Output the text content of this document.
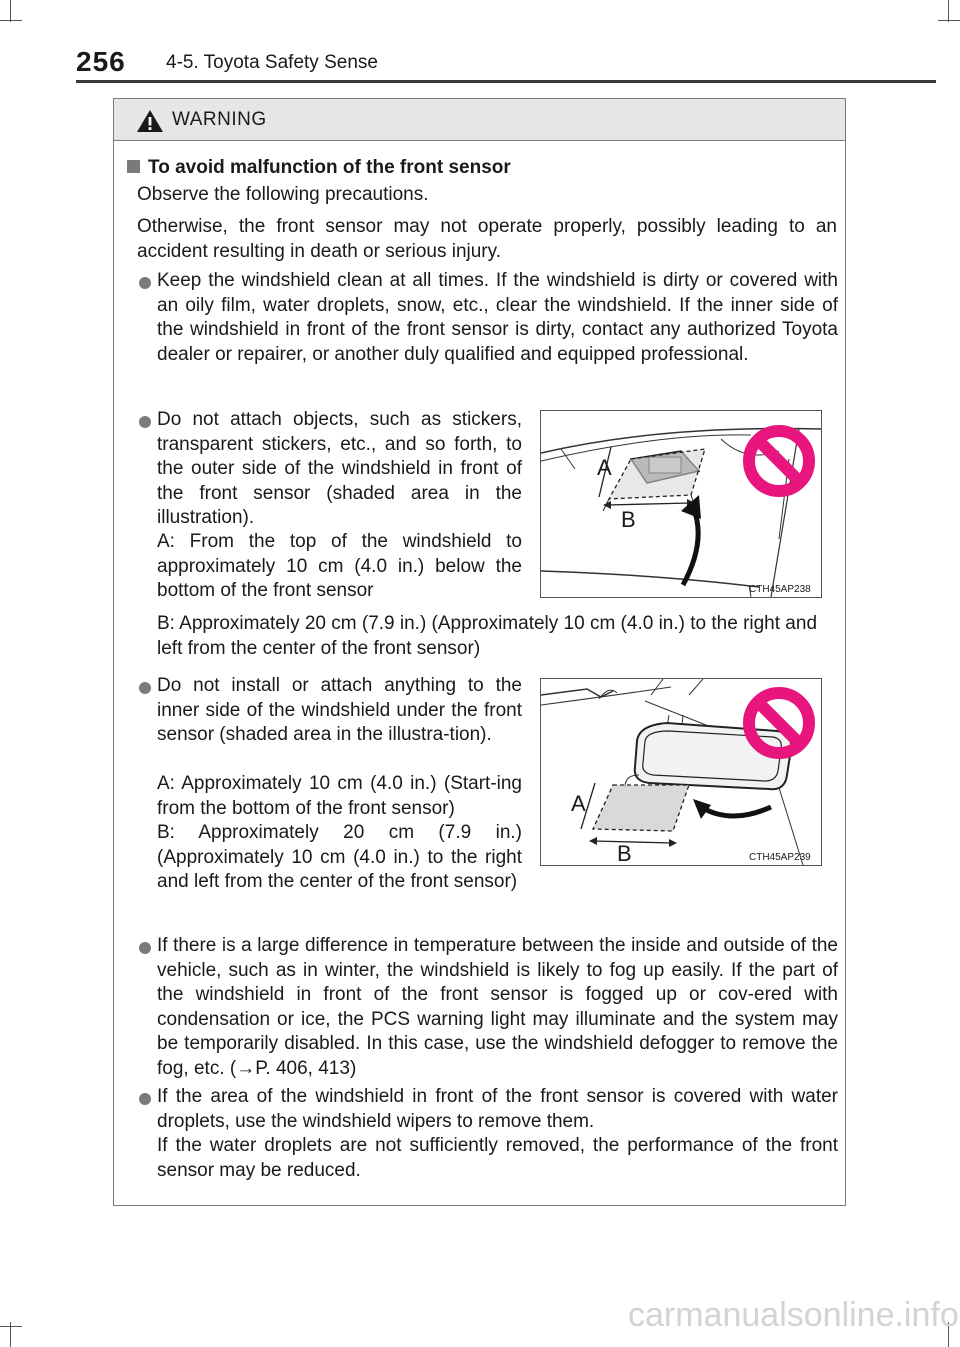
256 4-5. Toyota Safety Sense
WARNING
To avoid malfunction of the front sensor

Observe the following precautions.

Otherwise, the front sensor may not operate properly, possibly leading to an accident resulting in death or serious injury.

Keep the windshield clean at all times. If the windshield is dirty or covered with an oily film, water droplets, snow, etc., clear the windshield. If the inner side of the windshield in front of the front sensor is dirty, contact any authorized Toyota dealer or repairer, or another duly qualified and equipped professional.

Do not attach objects, such as stickers, transparent stickers, etc., and so forth, to the outer side of the windshield in front of the front sensor (shaded area in the illustration).

A: From the top of the windshield to approximately 10 cm (4.0 in.) below the bottom of the front sensor

B: Approximately 20 cm (7.9 in.) (Approximately 10 cm (4.0 in.) to the right and left from the center of the front sensor)

A
B
CTH45AP238

Do not install or attach anything to the inner side of the windshield under the front sensor (shaded area in the illustra-tion).

A: Approximately 10 cm (4.0 in.) (Start-ing from the bottom of the front sensor)

B: Approximately 20 cm (7.9 in.) (Approximately 10 cm (4.0 in.) to the right and left from the center of the front sensor)

A
B	CTH45AP239

If there is a large difference in temperature between the inside and outside of the vehicle, such as in winter, the windshield is likely to fog up easily. If the part of the windshield in front of the front sensor is fogged up or cov-ered with condensation or ice, the PCS warning light may illuminate and the system may be temporarily disabled. In this case, use the windshield defogger to remove the fog, etc. (→P. 406, 413)

If the area of the windshield in front of the front sensor is covered with water droplets, use the windshield wipers to remove them.

If the water droplets are not sufficiently removed, the performance of the front sensor may be reduced.

carmanualsonline.info
